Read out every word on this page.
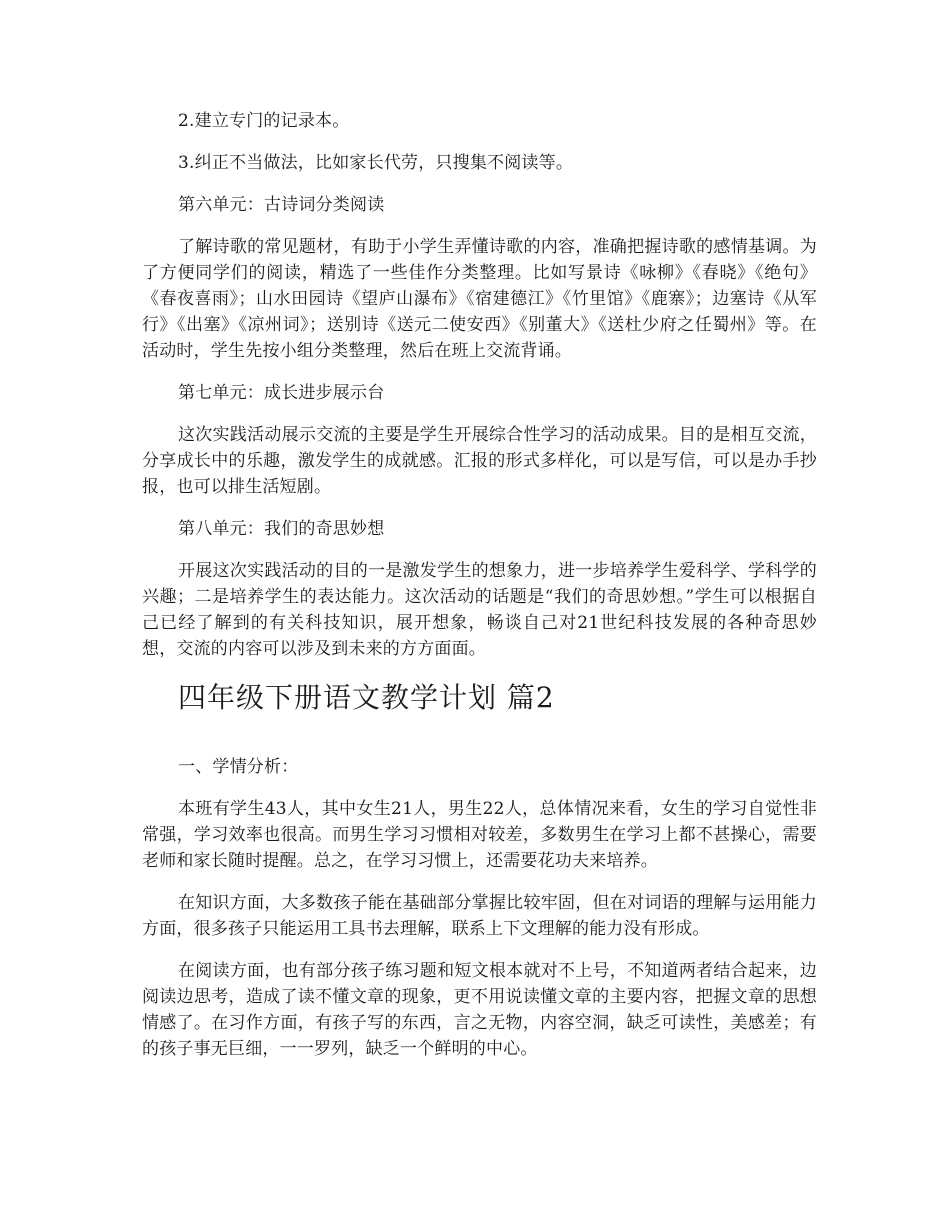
2.建立专门的记录本。

3.纠正不当做法，比如家长代劳，只搜集不阅读等。

第六单元：古诗词分类阅读

了解诗歌的常见题材，有助于小学生弄懂诗歌的内容，准确把握诗歌的感情基调。为了方便同学们的阅读，精选了一些佳作分类整理。比如写景诗《咏柳》《春晓》《绝句》《春夜喜雨》；山水田园诗《望庐山瀑布》《宿建德江》《竹里馆》《鹿寨》；边塞诗《从军行》《出塞》《凉州词》；送别诗《送元二使安西》《别董大》《送杜少府之任蜀州》等。在活动时，学生先按小组分类整理，然后在班上交流背诵。

第七单元：成长进步展示台

这次实践活动展示交流的主要是学生开展综合性学习的活动成果。目的是相互交流，分享成长中的乐趣，激发学生的成就感。汇报的形式多样化，可以是写信，可以是办手抄报，也可以排生活短剧。

第八单元：我们的奇思妙想

开展这次实践活动的目的一是激发学生的想象力，进一步培养学生爱科学、学科学的兴趣；二是培养学生的表达能力。这次活动的话题是“我们的奇思妙想。”学生可以根据自己已经了解到的有关科技知识，展开想象，畅谈自己对21世纪科技发展的各种奇思妙想，交流的内容可以涉及到未来的方方面面。

四年级下册语文教学计划 篇2

一、学情分析：

本班有学生43人，其中女生21人，男生22人，总体情况来看，女生的学习自觉性非常强，学习效率也很高。而男生学习习惯相对较差，多数男生在学习上都不甚操心，需要老师和家长随时提醒。总之，在学习习惯上，还需要花功夫来培养。

在知识方面，大多数孩子能在基础部分掌握比较牢固，但在对词语的理解与运用能力方面，很多孩子只能运用工具书去理解，联系上下文理解的能力没有形成。

在阅读方面，也有部分孩子练习题和短文根本就对不上号，不知道两者结合起来，边阅读边思考，造成了读不懂文章的现象，更不用说读懂文章的主要内容，把握文章的思想情感了。在习作方面，有孩子写的东西，言之无物，内容空洞，缺乏可读性，美感差；有的孩子事无巨细，一一罗列，缺乏一个鲜明的中心。
